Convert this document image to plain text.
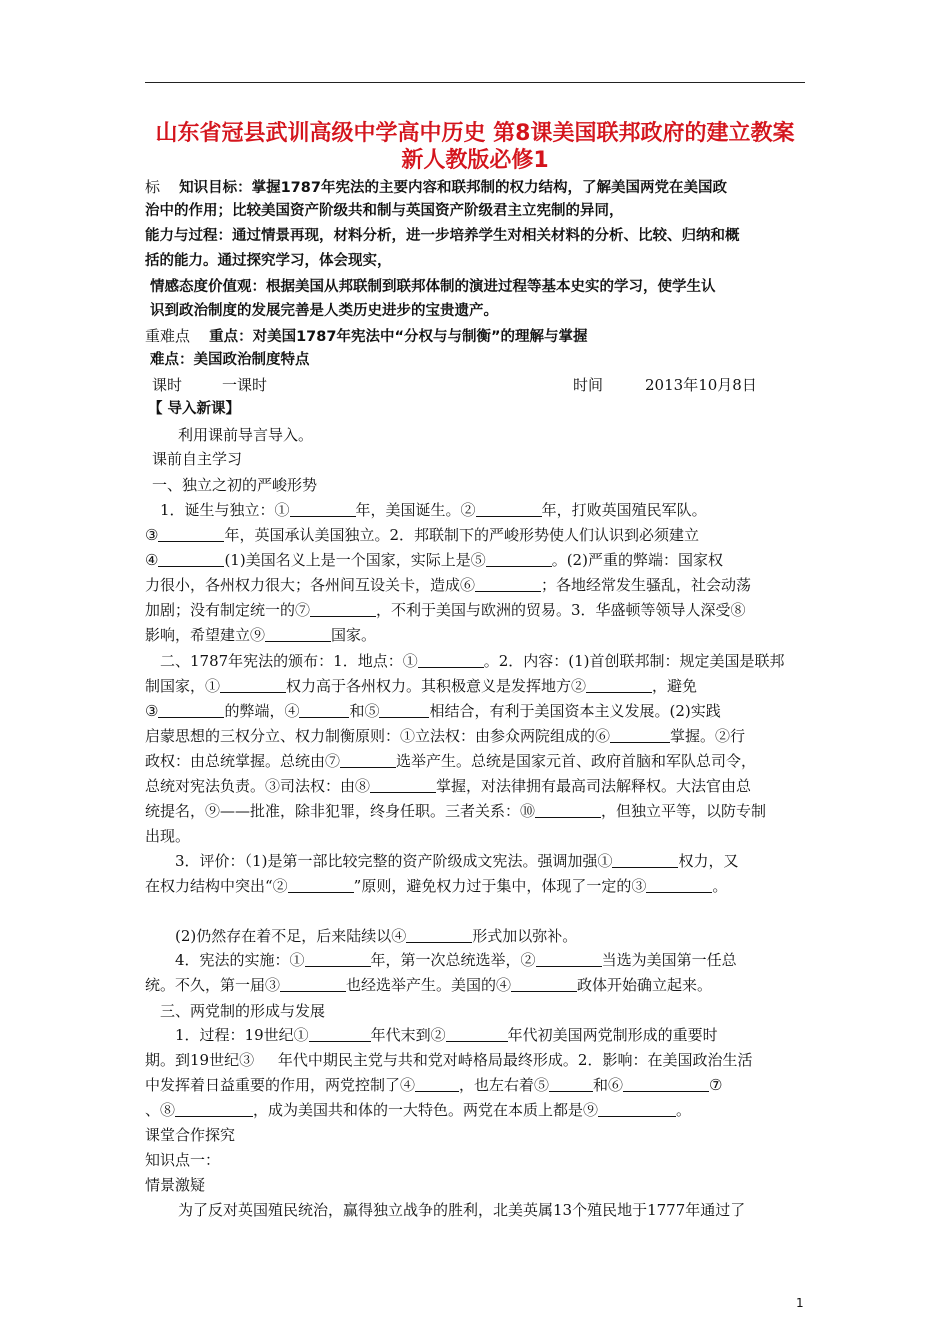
山东省冠县武训高级中学高中历史 第8课美国联邦政府的建立教案
新人教版必修1
标 知识目标：掌握1787年宪法的主要内容和联邦制的权力结构，了解美国两党在美国政
治中的作用；比较美国资产阶级共和制与英国资产阶级君主立宪制的异同，
能力与过程：通过情景再现，材料分析，进一步培养学生对相关材料的分析、比较、归纳和概
括的能力。通过探究学习，体会现实，
情感态度价值观：根据美国从邦联制到联邦体制的演进过程等基本史实的学习，使学生认
识到政治制度的发展完善是人类历史进步的宝贵遗产。
重难点 重点：对美国1787年宪法中“分权与与制衡”的理解与掌握
难点：美国政治制度特点
课时	一课时	时间	2013年10月8日
【 导入新课】
利用课前导言导入。
课前自主学习
一、独立之初的严峻形势
1．诞生与独立：①	年，美国诞生。②	年，打败英国殖民军队。
③	年，英国承认美国独立。2．邦联制下的严峻形势使人们认识到必须建立
④	(1)美国名义上是一个国家，实际上是⑤	。(2)严重的弊端：国家权
力很小，各州权力很大；各州间互设关卡，造成⑥	；各地经常发生骚乱，社会动荡
加剧；没有制定统一的⑦	，不利于美国与欧洲的贸易。3．华盛顿等领导人深受⑧
影响，希望建立⑨	国家。
二、1787年宪法的颁布：1．地点：①	。2．内容：(1)首创联邦制：规定美国是联邦
制国家，①	权力高于各州权力。其积极意义是发挥地方②	，避免
③	的弊端，④	和⑤	相结合，有利于美国资本主义发展。(2)实践
启蒙思想的三权分立、权力制衡原则：①立法权：由参众两院组成的⑥	掌握。②行
政权：由总统掌握。总统由⑦	选举产生。总统是国家元首、政府首脑和军队总司令，
总统对宪法负责。③司法权：由⑧	掌握，对法律拥有最高司法解释权。大法官由总
统提名，⑨——批准，除非犯罪，终身任职。三者关系：⑩	，但独立平等，以防专制
出现。
3．评价：（1)是第一部比较完整的资产阶级成文宪法。强调加强①	权力，又
在权力结构中突出“②	”原则，避免权力过于集中，体现了一定的③	。
(2)仍然存在着不足，后来陆续以④	形式加以弥补。
4．宪法的实施：①	年，第一次总统选举，②	当选为美国第一任总
统。不久，第一届③	也经选举产生。美国的④	政体开始确立起来。
三、两党制的形成与发展
1．过程：19世纪①	年代末到②	年代初美国两党制形成的重要时
期。到19世纪③     年代中期民主党与共和党对峙格局最终形成。2．影响：在美国政治生活
中发挥着日益重要的作用，两党控制了④	，也左右着⑤	和⑥	⑦
、⑧	，成为美国共和体的一大特色。两党在本质上都是⑨	。
课堂合作探究
知识点一：
情景激疑
为了反对英国殖民统治，赢得独立战争的胜利，北美英属13个殖民地于1777年通过了
1
